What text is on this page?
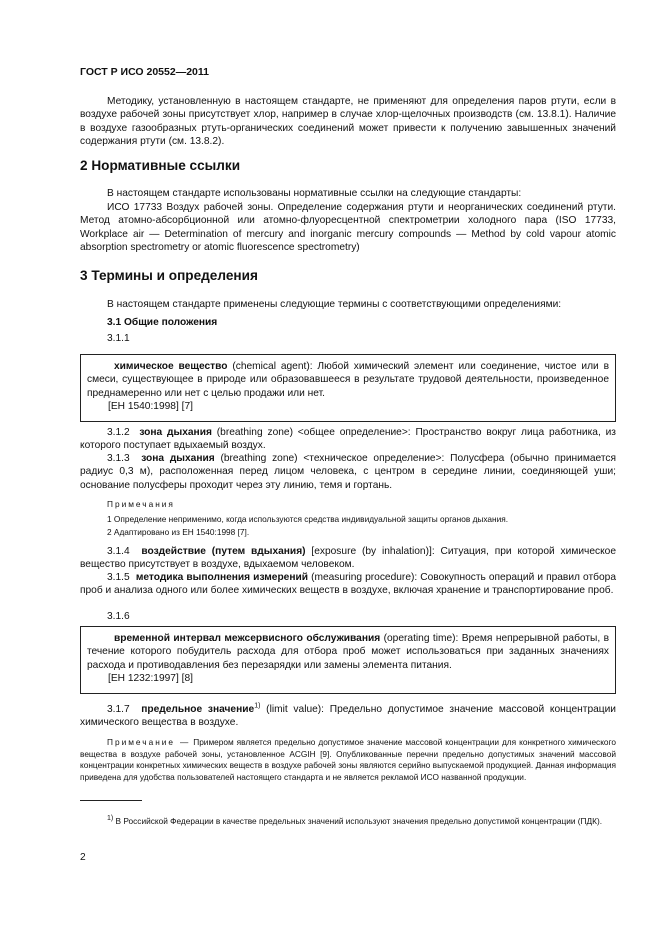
ГОСТ Р ИСО 20552—2011
Методику, установленную в настоящем стандарте, не применяют для определения паров ртути, если в воздухе рабочей зоны присутствует хлор, например в случае хлор-щелочных производств (см. 13.8.1). Наличие в воздухе газообразных ртуть-органических соединений может привести к получению завышенных значений содержания ртути (см. 13.8.2).
2 Нормативные ссылки
В настоящем стандарте использованы нормативные ссылки на следующие стандарты:
ИСО 17733 Воздух рабочей зоны. Определение содержания ртути и неорганических соединений ртути. Метод атомно-абсорбционной или атомно-флуоресцентной спектрометрии холодного пара (ISO 17733, Workplace air — Determination of mercury and inorganic mercury compounds — Method by cold vapour atomic absorption spectrometry or atomic fluorescence spectrometry)
3 Термины и определения
В настоящем стандарте применены следующие термины с соответствующими определениями:
3.1 Общие положения
3.1.1

химическое вещество (chemical agent): Любой химический элемент или соединение, чистое или в смеси, существующее в природе или образовавшееся в результате трудовой деятельности, произведенное преднамеренно или нет с целью продажи или нет.

[ЕН 1540:1998] [7]

3.1.2 зона дыхания (breathing zone) <общее определение>: Пространство вокруг лица работника, из которого поступает вдыхаемый воздух.
3.1.3 зона дыхания (breathing zone) <техническое определение>: Полусфера (обычно принимается радиус 0,3 м), расположенная перед лицом человека, с центром в середине линии, соединяющей уши; основание полусферы проходит через эту линию, темя и гортань.
Примечания
1 Определение неприменимо, когда используются средства индивидуальной защиты органов дыхания.
2 Адаптировано из ЕН 1540:1998 [7].
3.1.4 воздействие (путем вдыхания) [exposure (by inhalation)]: Ситуация, при которой химическое вещество присутствует в воздухе, вдыхаемом человеком.
3.1.5 методика выполнения измерений (measuring procedure): Совокупность операций и правил отбора проб и анализа одного или более химических веществ в воздухе, включая хранение и транспортирование проб.
3.1.6

временной интервал межсервисного обслуживания (operating time): Время непрерывной работы, в течение которого побудитель расхода для отбора проб может использоваться при заданных значениях расхода и противодавления без перезарядки или замены элемента питания.

[ЕН 1232:1997] [8]

3.1.7 предельное значение$^{1)}$ (limit value): Предельно допустимое значение массовой концентрации химического вещества в воздухе.
Примечание — Примером является предельно допустимое значение массовой концентрации для конкретного химического вещества в воздухе рабочей зоны, установленное ACGIH [9]. Опубликованные перечни предельно допустимых значений массовой концентрации конкретных химических веществ в воздухе рабочей зоны являются серийно выпускаемой продукцией. Данная информация приведена для удобства пользователей настоящего стандарта и не является рекламой ИСО названной продукции.
$^{1)}$ В Российской Федерации в качестве предельных значений используют значения предельно допустимой концентрации (ПДК).
2
